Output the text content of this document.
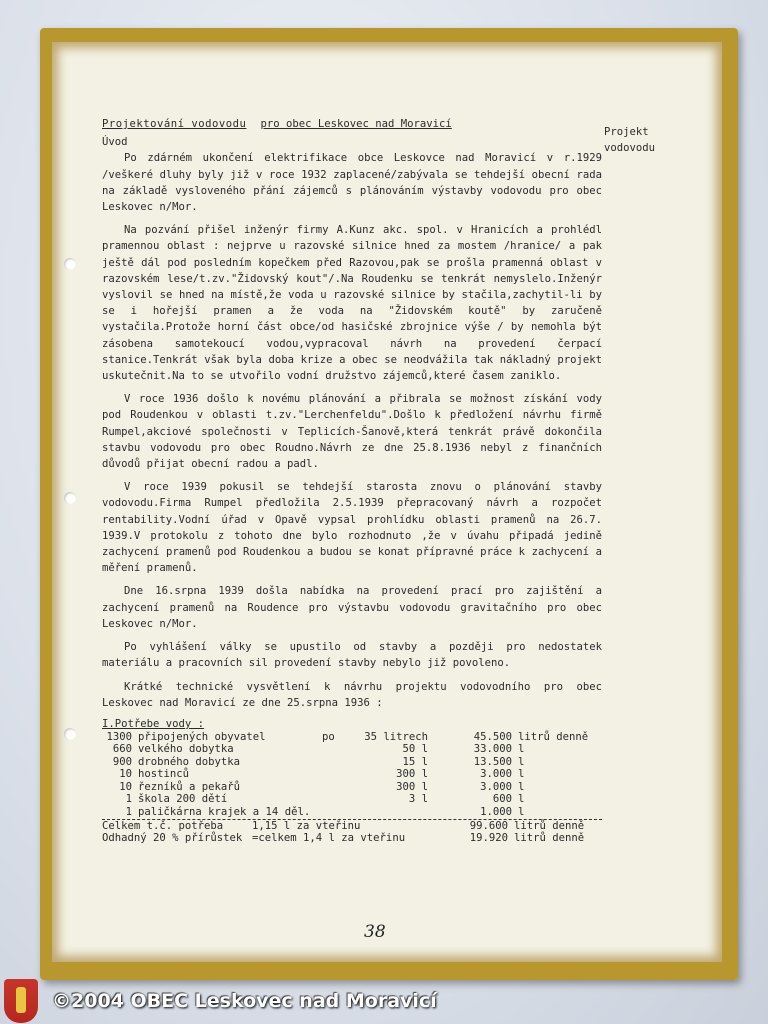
Projekt
vodovodu
Projektování vodovodu pro obec Leskovec nad Moravicí
Úvod

Po zdárném ukončení elektrifikace obce Leskovce nad Moravicí v r.1929 /veškeré dluhy byly již v roce 1932 zaplacené/zabývala se tehdejší obecní rada na základě vysloveného přání zájemců s plánováním výstavby vodovodu pro obec Leskovec n/Mor.

Na pozvání přišel inženýr firmy A.Kunz akc. spol. v Hranicích a prohlédl pramennou oblast : nejprve u razovské silnice hned za mostem /hranice/ a pak ještě dál pod posledním kopečkem před Razovou,pak se prošla pramenná oblast v razovském lese/t.zv."Židovský kout"/.Na Roudenku se tenkrát nemyslelo.Inženýr vyslovil se hned na místě,že voda u razovské silnice by stačila,zachytil-li by se i hořejší pramen a že voda na "Židovském koutě" by zaručeně vystačila.Protože horní část obce/od hasičské zbrojnice výše / by nemohla být zásobena samotekoucí vodou,vypracoval návrh na provedení čerpací stanice.Tenkrát však byla doba krize a obec se neodvážila tak nákladný projekt uskutečnit.Na to se utvořilo vodní družstvo zájemců,které časem zaniklo.

V roce 1936 došlo k novému plánování a přibrala se možnost získání vody pod Roudenkou v oblasti t.zv."Lerchenfeldu".Došlo k předložení návrhu firmě Rumpel,akciové společnosti v Teplicích-Šanově,která tenkrát právě dokončila stavbu vodovodu pro obec Roudno.Návrh ze dne 25.8.1936 nebyl z finančních důvodů přijat obecní radou a padl.

V roce 1939 pokusil se tehdejší starosta znovu o plánování stavby vodovodu.Firma Rumpel předložila 2.5.1939 přepracovaný návrh a rozpočet rentability.Vodní úřad v Opavě vypsal prohlídku oblasti pramenů na 26.7. 1939.V protokolu z tohoto dne bylo rozhodnuto ,že v úvahu připadá jedině zachycení pramenů pod Roudenkou a budou se konat přípravné práce k zachycení a měření pramenů.

Dne 16.srpna 1939 došla nabídka na provedení prací pro zajištění a zachycení pramenů na Roudence pro výstavbu vodovodu gravitačního pro obec Leskovec n/Mor.

Po vyhlášení války se upustilo od stavby a později pro nedostatek materiálu a pracovních sil provedení stavby nebylo již povoleno.

Krátké technické vysvětlení k návrhu projektu vodovodního pro obec Leskovec nad Moravicí ze dne 25.srpna 1936 :

I.Potřebe vody :
1300 připojených obyvatel	po	35 litrech	45.500 litrů denně
660 velkého dobytka	50 l	33.000 l
900 drobného dobytka	15 l	13.500 l
10 hostinců	300 l	3.000 l
10 řezníků a pekařů	300 l	3.000 l
1 škola 200 dětí	3 l	600 l
1 paličkárna krajek a 14 děl.	1.000 l
Celkem t.č. potřeba	1,15 l za vteřinu	99.600 litrů denně
Odhadný 20 % přírůstek =celkem 1,4 l za vteřinu	19.920 litrů denně
38
©2004 OBEC Leskovec nad Moravicí
